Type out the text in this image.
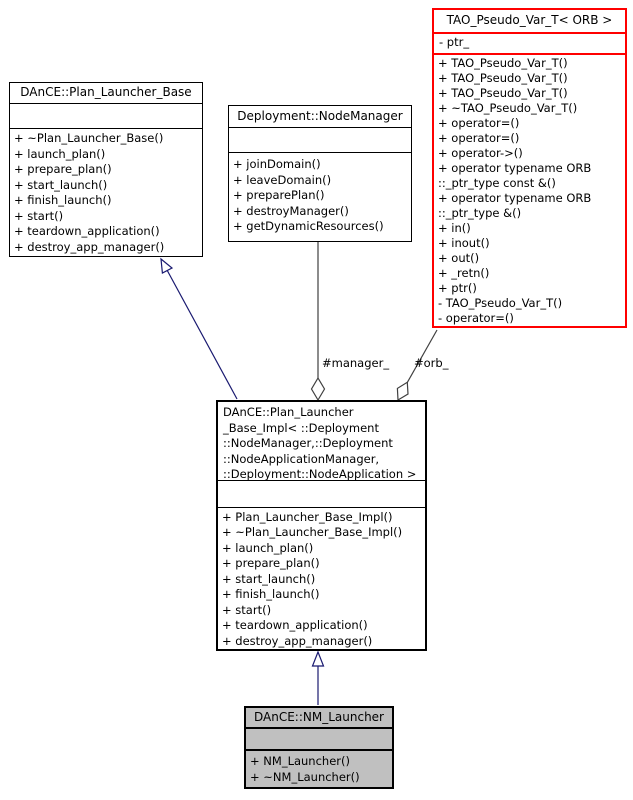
#manager_ #orb_
DAnCE::Plan_Launcher_Base
+ ~Plan_Launcher_Base()
+ launch_plan()
+ prepare_plan()
+ start_launch()
+ finish_launch()
+ start()
+ teardown_application()
+ destroy_app_manager()
Deployment::NodeManager
+ joinDomain()
+ leaveDomain()
+ preparePlan()
+ destroyManager()
+ getDynamicResources()
TAO_Pseudo_Var_T< ORB >
- ptr_
+ TAO_Pseudo_Var_T()
+ TAO_Pseudo_Var_T()
+ TAO_Pseudo_Var_T()
+ ~TAO_Pseudo_Var_T()
+ operator=()
+ operator=()
+ operator->()
+ operator typename ORB
::_ptr_type const &()
+ operator typename ORB
::_ptr_type &()
+ in()
+ inout()
+ out()
+ _retn()
+ ptr()
- TAO_Pseudo_Var_T()
- operator=()
DAnCE::Plan_Launcher
_Base_Impl< ::Deployment
::NodeManager,::Deployment
::NodeApplicationManager,
::Deployment::NodeApplication >
+ Plan_Launcher_Base_Impl()
+ ~Plan_Launcher_Base_Impl()
+ launch_plan()
+ prepare_plan()
+ start_launch()
+ finish_launch()
+ start()
+ teardown_application()
+ destroy_app_manager()
DAnCE::NM_Launcher
+ NM_Launcher()
+ ~NM_Launcher()
